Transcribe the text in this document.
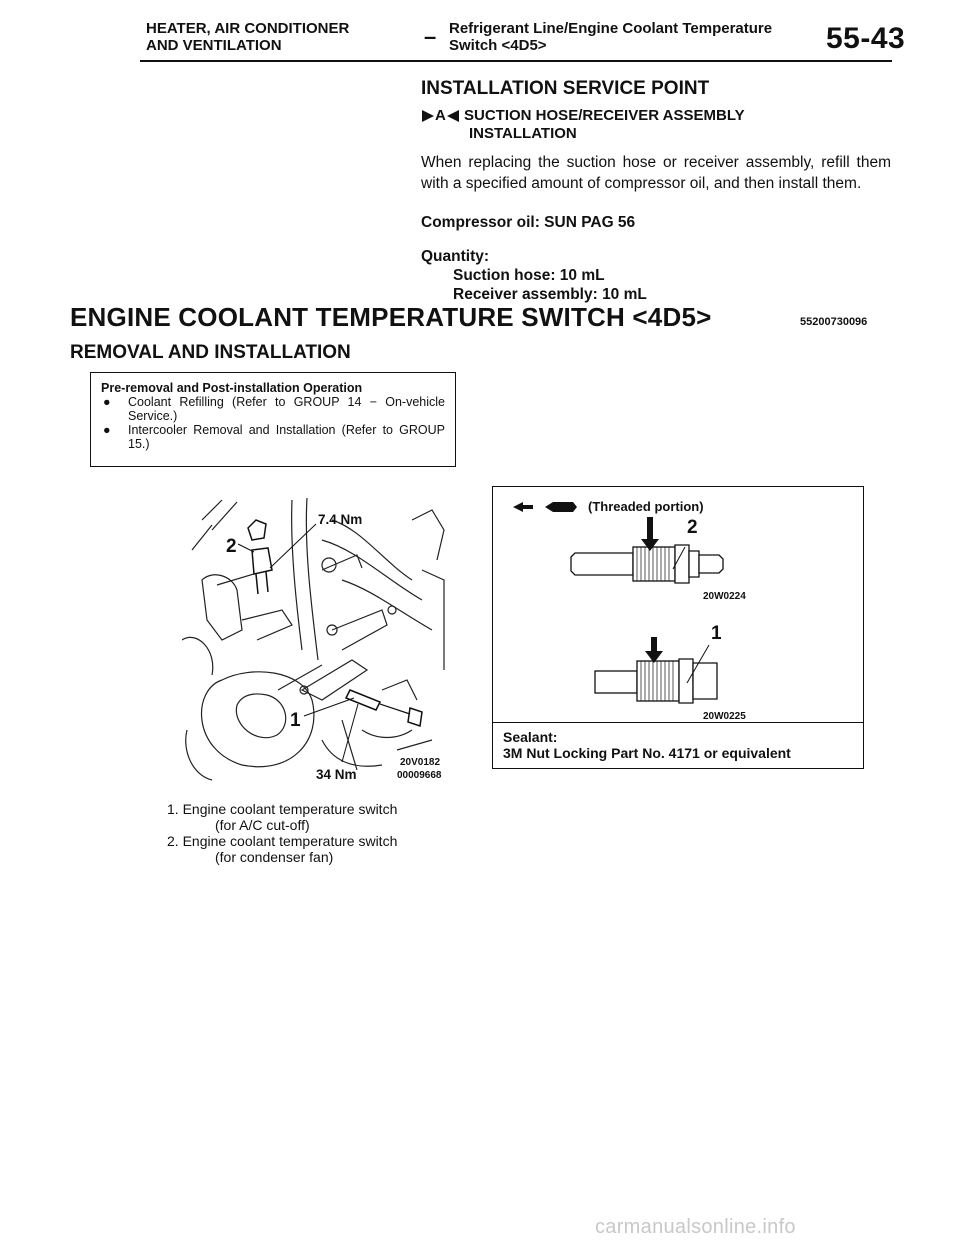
HEATER, AIR CONDITIONER
AND VENTILATION	– Refrigerant Line/Engine Coolant Temperature
Switch <4D5>	55-43
INSTALLATION SERVICE POINT
A SUCTION HOSE/RECEIVER ASSEMBLY
INSTALLATION
When replacing the suction hose or receiver assembly, refill them with a specified amount of compressor oil, and then install them.
Compressor oil: SUN PAG 56
Quantity:
Suction hose: 10 mL
Receiver assembly: 10 mL
ENGINE COOLANT TEMPERATURE SWITCH <4D5>	55200730096
REMOVAL AND INSTALLATION
Pre-removal and Post-installation Operation
● Coolant Refilling (Refer to GROUP 14 − On-vehicle Service.)
● Intercooler Removal and Installation (Refer to GROUP 15.)
7.4 Nm
2
1
34 Nm
20V0182
00009668
(Threaded portion)
2
20W0224
1
20W0225
Sealant:
3M Nut Locking Part No. 4171 or equivalent
1. Engine coolant temperature switch
(for A/C cut-off)
2. Engine coolant temperature switch
(for condenser fan)
carmanualsonline.info
